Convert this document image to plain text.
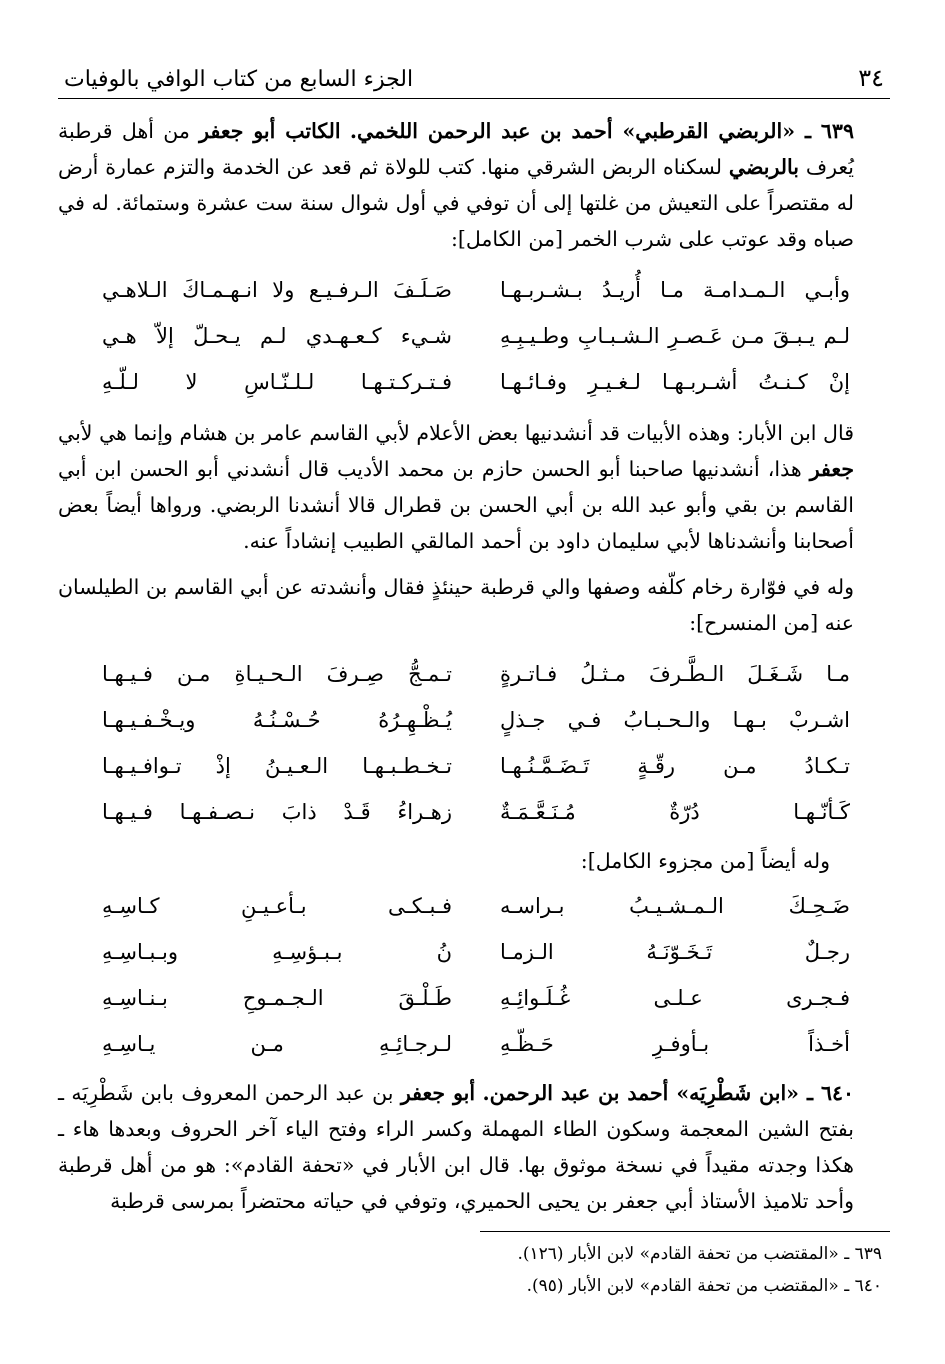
٣٤
الجزء السابع من كتاب الوافي بالوفيات
٦٣٩ ـ «الربضي القرطبي» أحمد بن عبد الرحمن اللخمي. الكاتب أبو جعفر من أهل قرطبة يُعرف بالربضي لسكناه الربض الشرقي منها. كتب للولاة ثم قعد عن الخدمة والتزم عمارة أرض له مقتصراً على التعيش من غلتها إلى أن توفي في أول شوال سنة ست عشرة وستمائة. له في صباه وقد عوتب على شرب الخمر [من الكامل]:
وأبـي الـمـدامـة مـا أُريـدُ بـشـربـهـا
صَـلَـفَ الـرفـيـع ولا انـهـمـاكَ الـلاهـي
لـم يـبـقَ مـن عَـصـرِ الـشـبـابِ وطـيـبِـهِ
شـيء كـعـهـدي لـم يـحـلّ إلاّ هـي
إنْ كـنـتُ أشـربـهـا لـغـيـرِ وفـائـهـا
فـتـركـتـهـا لـلـنّـاسِ لا لـلّـهِ
قال ابن الأبار: وهذه الأبيات قد أنشدنيها بعض الأعلام لأبي القاسم عامر بن هشام وإنما هي لأبي جعفر هذا، أنشدنيها صاحبنا أبو الحسن حازم بن محمد الأديب قال أنشدني أبو الحسن ابن أبي القاسم بن بقي وأبو عبد الله بن أبي الحسن بن قطرال قالا أنشدنا الربضي. ورواها أيضاً بعض أصحابنا وأنشدناها لأبي سليمان داود بن أحمد المالقي الطبيب إنشاداً عنه.
وله في فوّارة رخام كلّفه وصفها والي قرطبة حينئذٍ فقال وأنشدته عن أبي القاسم بن الطيلسان عنه [من المنسرح]:
مـا شَـغَـلَ الـطَّـرفَ مـثـلُ فـاتـرةٍ
تـمـجُّ صِـرفَ الـحـيـاةِ مـن فـيـهـا
اشـربْ بـهـا والـحـبـابُ فـي جـذلٍ
يُـظْـهِـرُهُ حُـسْـنُـهُ ويـخْـفـيـهـا
تـكـادُ مـن رقّـةٍ تَـضَـمَّـنُـهـا
تـخـطـبـهـا الـعـيـنُ إذْ تـوافـيـهـا
كَـأنّـهـا دُرّةٌ مُـنَـعَّـمَـةٌ
زهـراءُ قَـدْ ذابَ نـصـفـهـا فـيـهـا
وله أيضاً [من مجزوء الكامل]:
ضَـحِـكَ الـمـشـيـبُ بـراسـه
فـبـكـى بـأعـيـنِ كـاسِـهِ
رجـلٌ تَـخَـوّنَـهُ الـزمـا
نُ بـبـؤسِـهِ وبـبـاسِـهِ
فـجـرى عـلـى غُـلَـوائِـهِ
طَـلْـقَ الـجـمـوحِ بـنـاسِـهِ
أخـذاً بـأوفـرِ حَـظّـهِ
لـرجـائِـهِ مـن يـاسِـهِ
٦٤٠ ـ «ابن شَطْرِيَه» أحمد بن عبد الرحمن. أبو جعفر بن عبد الرحمن المعروف بابن شَطْرِيَه ـ بفتح الشين المعجمة وسكون الطاء المهملة وكسر الراء وفتح الياء آخر الحروف وبعدها هاء ـ هكذا وجدته مقيداً في نسخة موثوق بها. قال ابن الأبار في «تحفة القادم»: هو من أهل قرطبة وأحد تلاميذ الأستاذ أبي جعفر بن يحيى الحميري، وتوفي في حياته محتضراً بمرسى قرطبة
٦٣٩ ـ «المقتضب من تحفة القادم» لابن الأبار (١٢٦).
٦٤٠ ـ «المقتضب من تحفة القادم» لابن الأبار (٩٥).
